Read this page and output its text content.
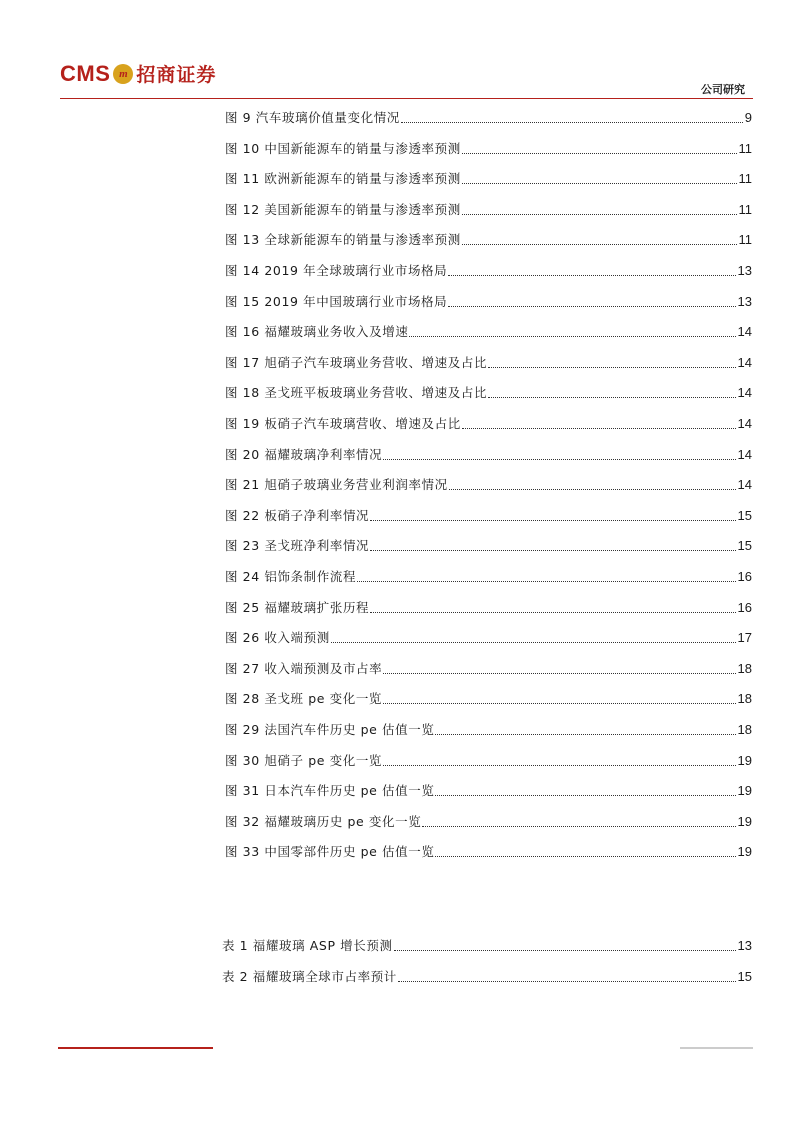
CMS m 招商证券
公司研究
图 9 汽车玻璃价值量变化情况	9
图 10 中国新能源车的销量与渗透率预测	11
图 11 欧洲新能源车的销量与渗透率预测	11
图 12 美国新能源车的销量与渗透率预测	11
图 13 全球新能源车的销量与渗透率预测	11
图 14 2019 年全球玻璃行业市场格局	13
图 15 2019 年中国玻璃行业市场格局	13
图 16 福耀玻璃业务收入及增速	14
图 17 旭硝子汽车玻璃业务营收、增速及占比	14
图 18 圣戈班平板玻璃业务营收、增速及占比	14
图 19 板硝子汽车玻璃营收、增速及占比	14
图 20 福耀玻璃净利率情况	14
图 21 旭硝子玻璃业务营业利润率情况	14
图 22 板硝子净利率情况	15
图 23 圣戈班净利率情况	15
图 24 铝饰条制作流程	16
图 25 福耀玻璃扩张历程	16
图 26 收入端预测	17
图 27 收入端预测及市占率	18
图 28 圣戈班 pe 变化一览	18
图 29 法国汽车件历史 pe 估值一览	18
图 30 旭硝子 pe 变化一览	19
图 31 日本汽车件历史 pe 估值一览	19
图 32 福耀玻璃历史 pe 变化一览	19
图 33 中国零部件历史 pe 估值一览	19
表 1 福耀玻璃 ASP 增长预测	13
表 2 福耀玻璃全球市占率预计	15
